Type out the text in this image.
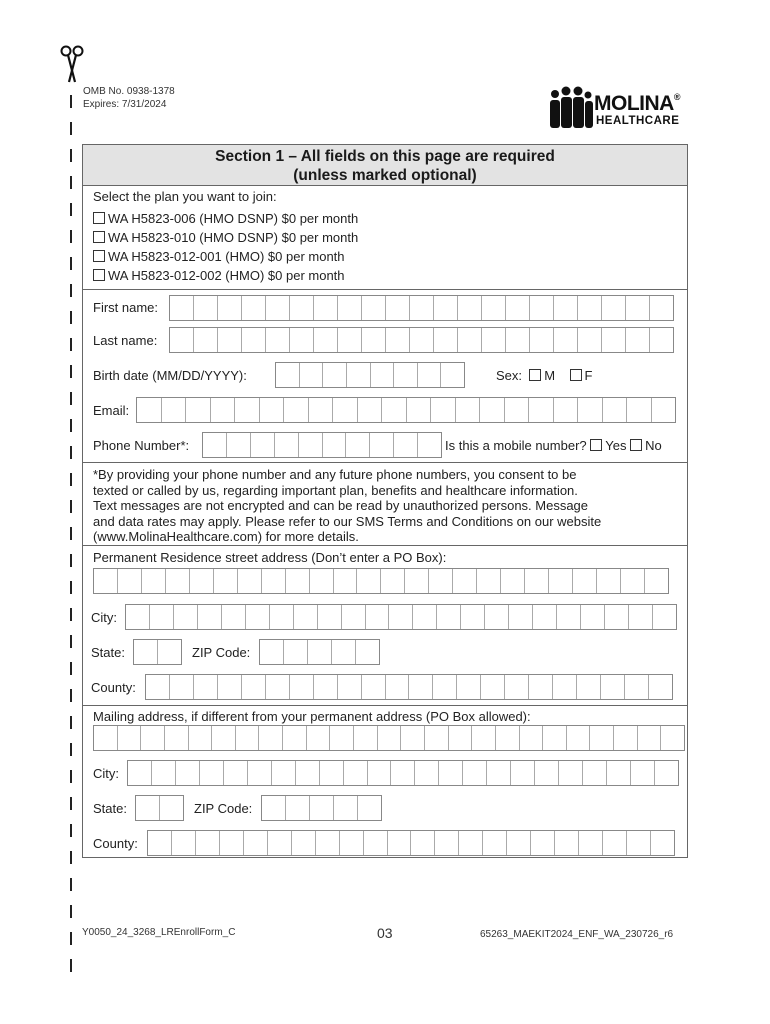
OMB No. 0938-1378
Expires: 7/31/2024	MOLINA®
HEALTHCARE
Section 1 – All fields on this page are required
(unless marked optional)
Select the plan you want to join:
WA H5823-006 (HMO DSNP) $0 per month
WA H5823-010 (HMO DSNP) $0 per month
WA H5823-012-001 (HMO) $0 per month
WA H5823-012-002 (HMO) $0 per month
First name:
Last name:
Birth date (MM/DD/YYYY):	Sex: M F
Email:
Phone Number*:	Is this a mobile number? Yes No
*By providing your phone number and any future phone numbers, you consent to be
texted or called by us, regarding important plan, benefits and healthcare information.
Text messages are not encrypted and can be read by unauthorized persons. Message
and data rates may apply. Please refer to our SMS Terms and Conditions on our website
(www.MolinaHealthcare.com) for more details.
Permanent Residence street address (Don’t enter a PO Box):
City:
State:	ZIP Code:
County:
Mailing address, if different from your permanent address (PO Box allowed):
City:
State:	ZIP Code:
County:
Y0050_24_3268_LREnrollForm_C	03	65263_MAEKIT2024_ENF_WA_230726_r6
